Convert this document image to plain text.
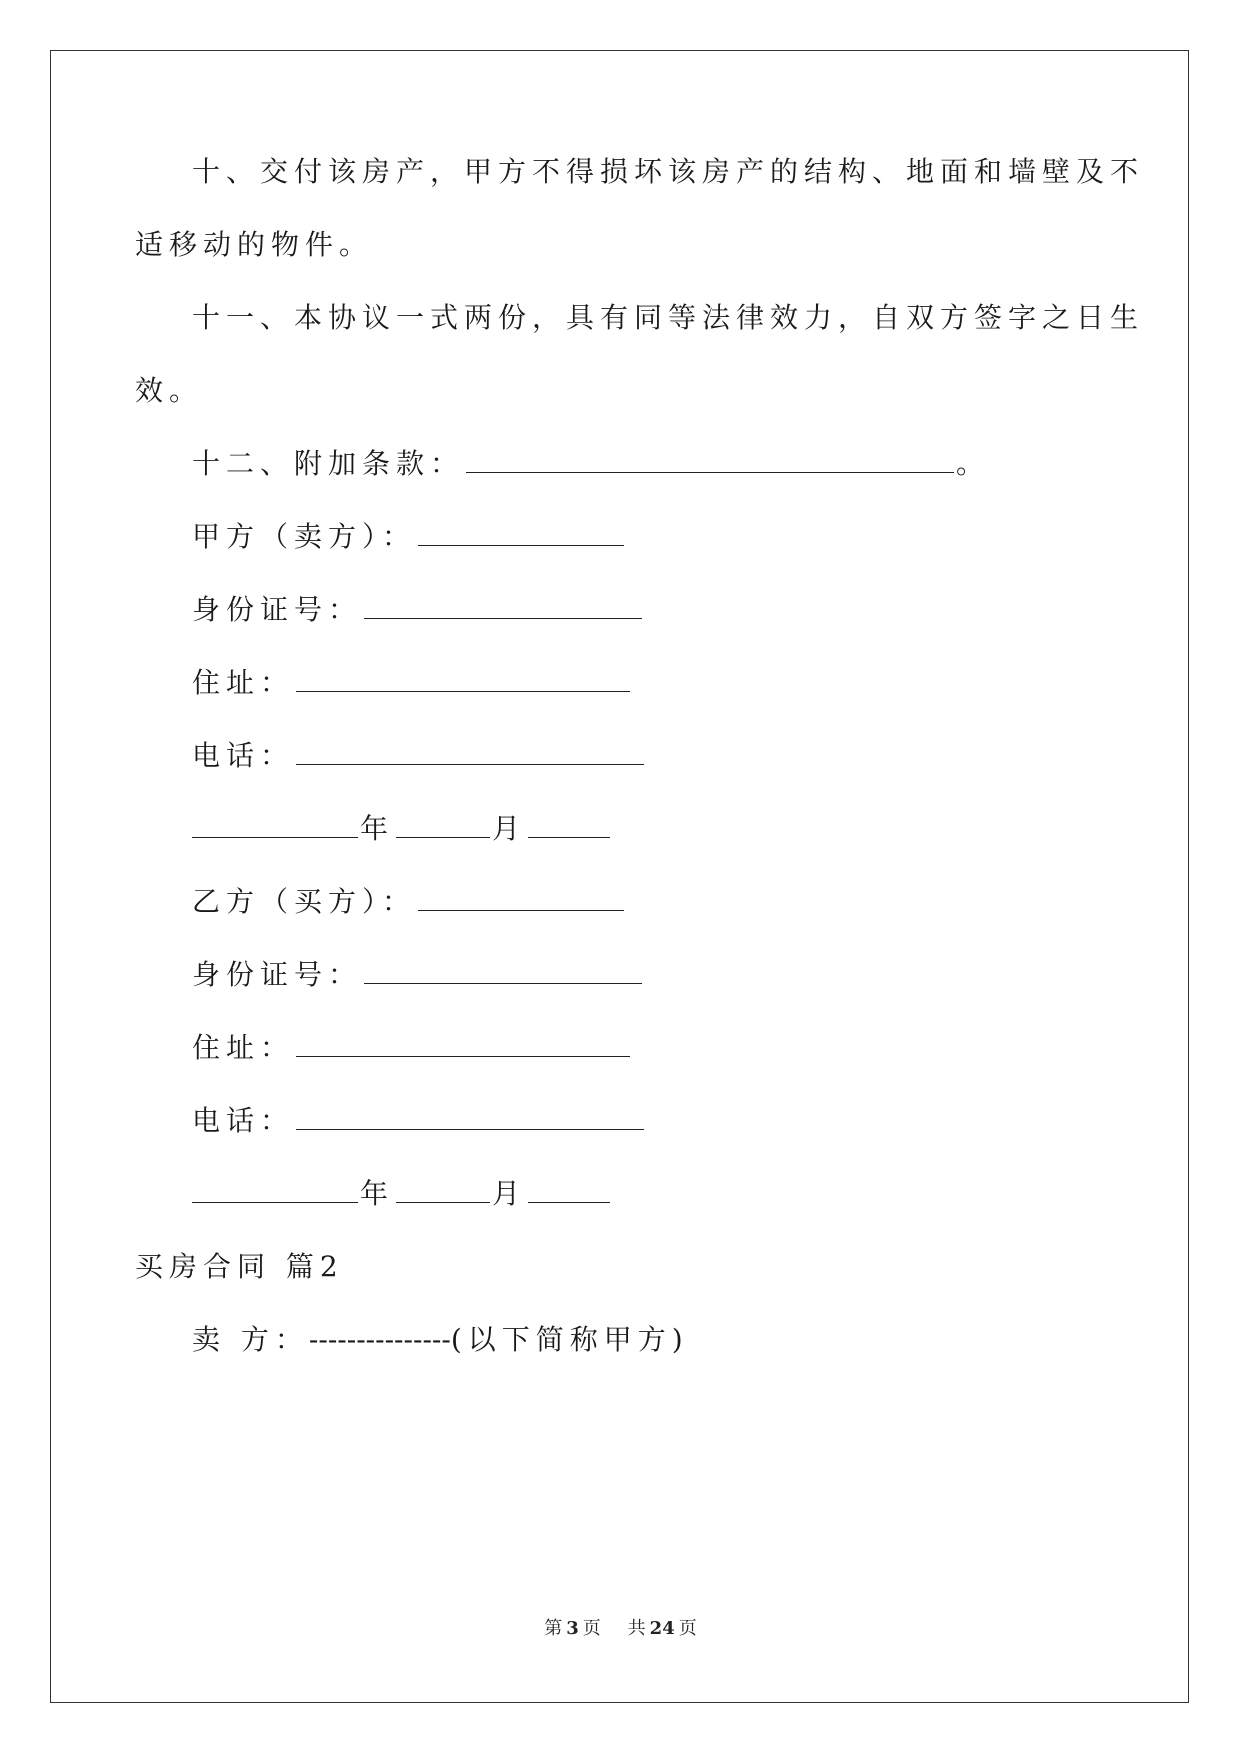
十、交付该房产，甲方不得损坏该房产的结构、地面和墙壁及不
适移动的物件。
十一、本协议一式两份，具有同等法律效力，自双方签字之日生
效。
十二、附加条款：	。
甲方（卖方）：
身份证号：
住址：
电话：
年	月
乙方（买方）：
身份证号：
住址：
电话：
年	月
买房合同 篇2
卖 方：---------------(以下简称甲方)
第 3 页 共 24 页
